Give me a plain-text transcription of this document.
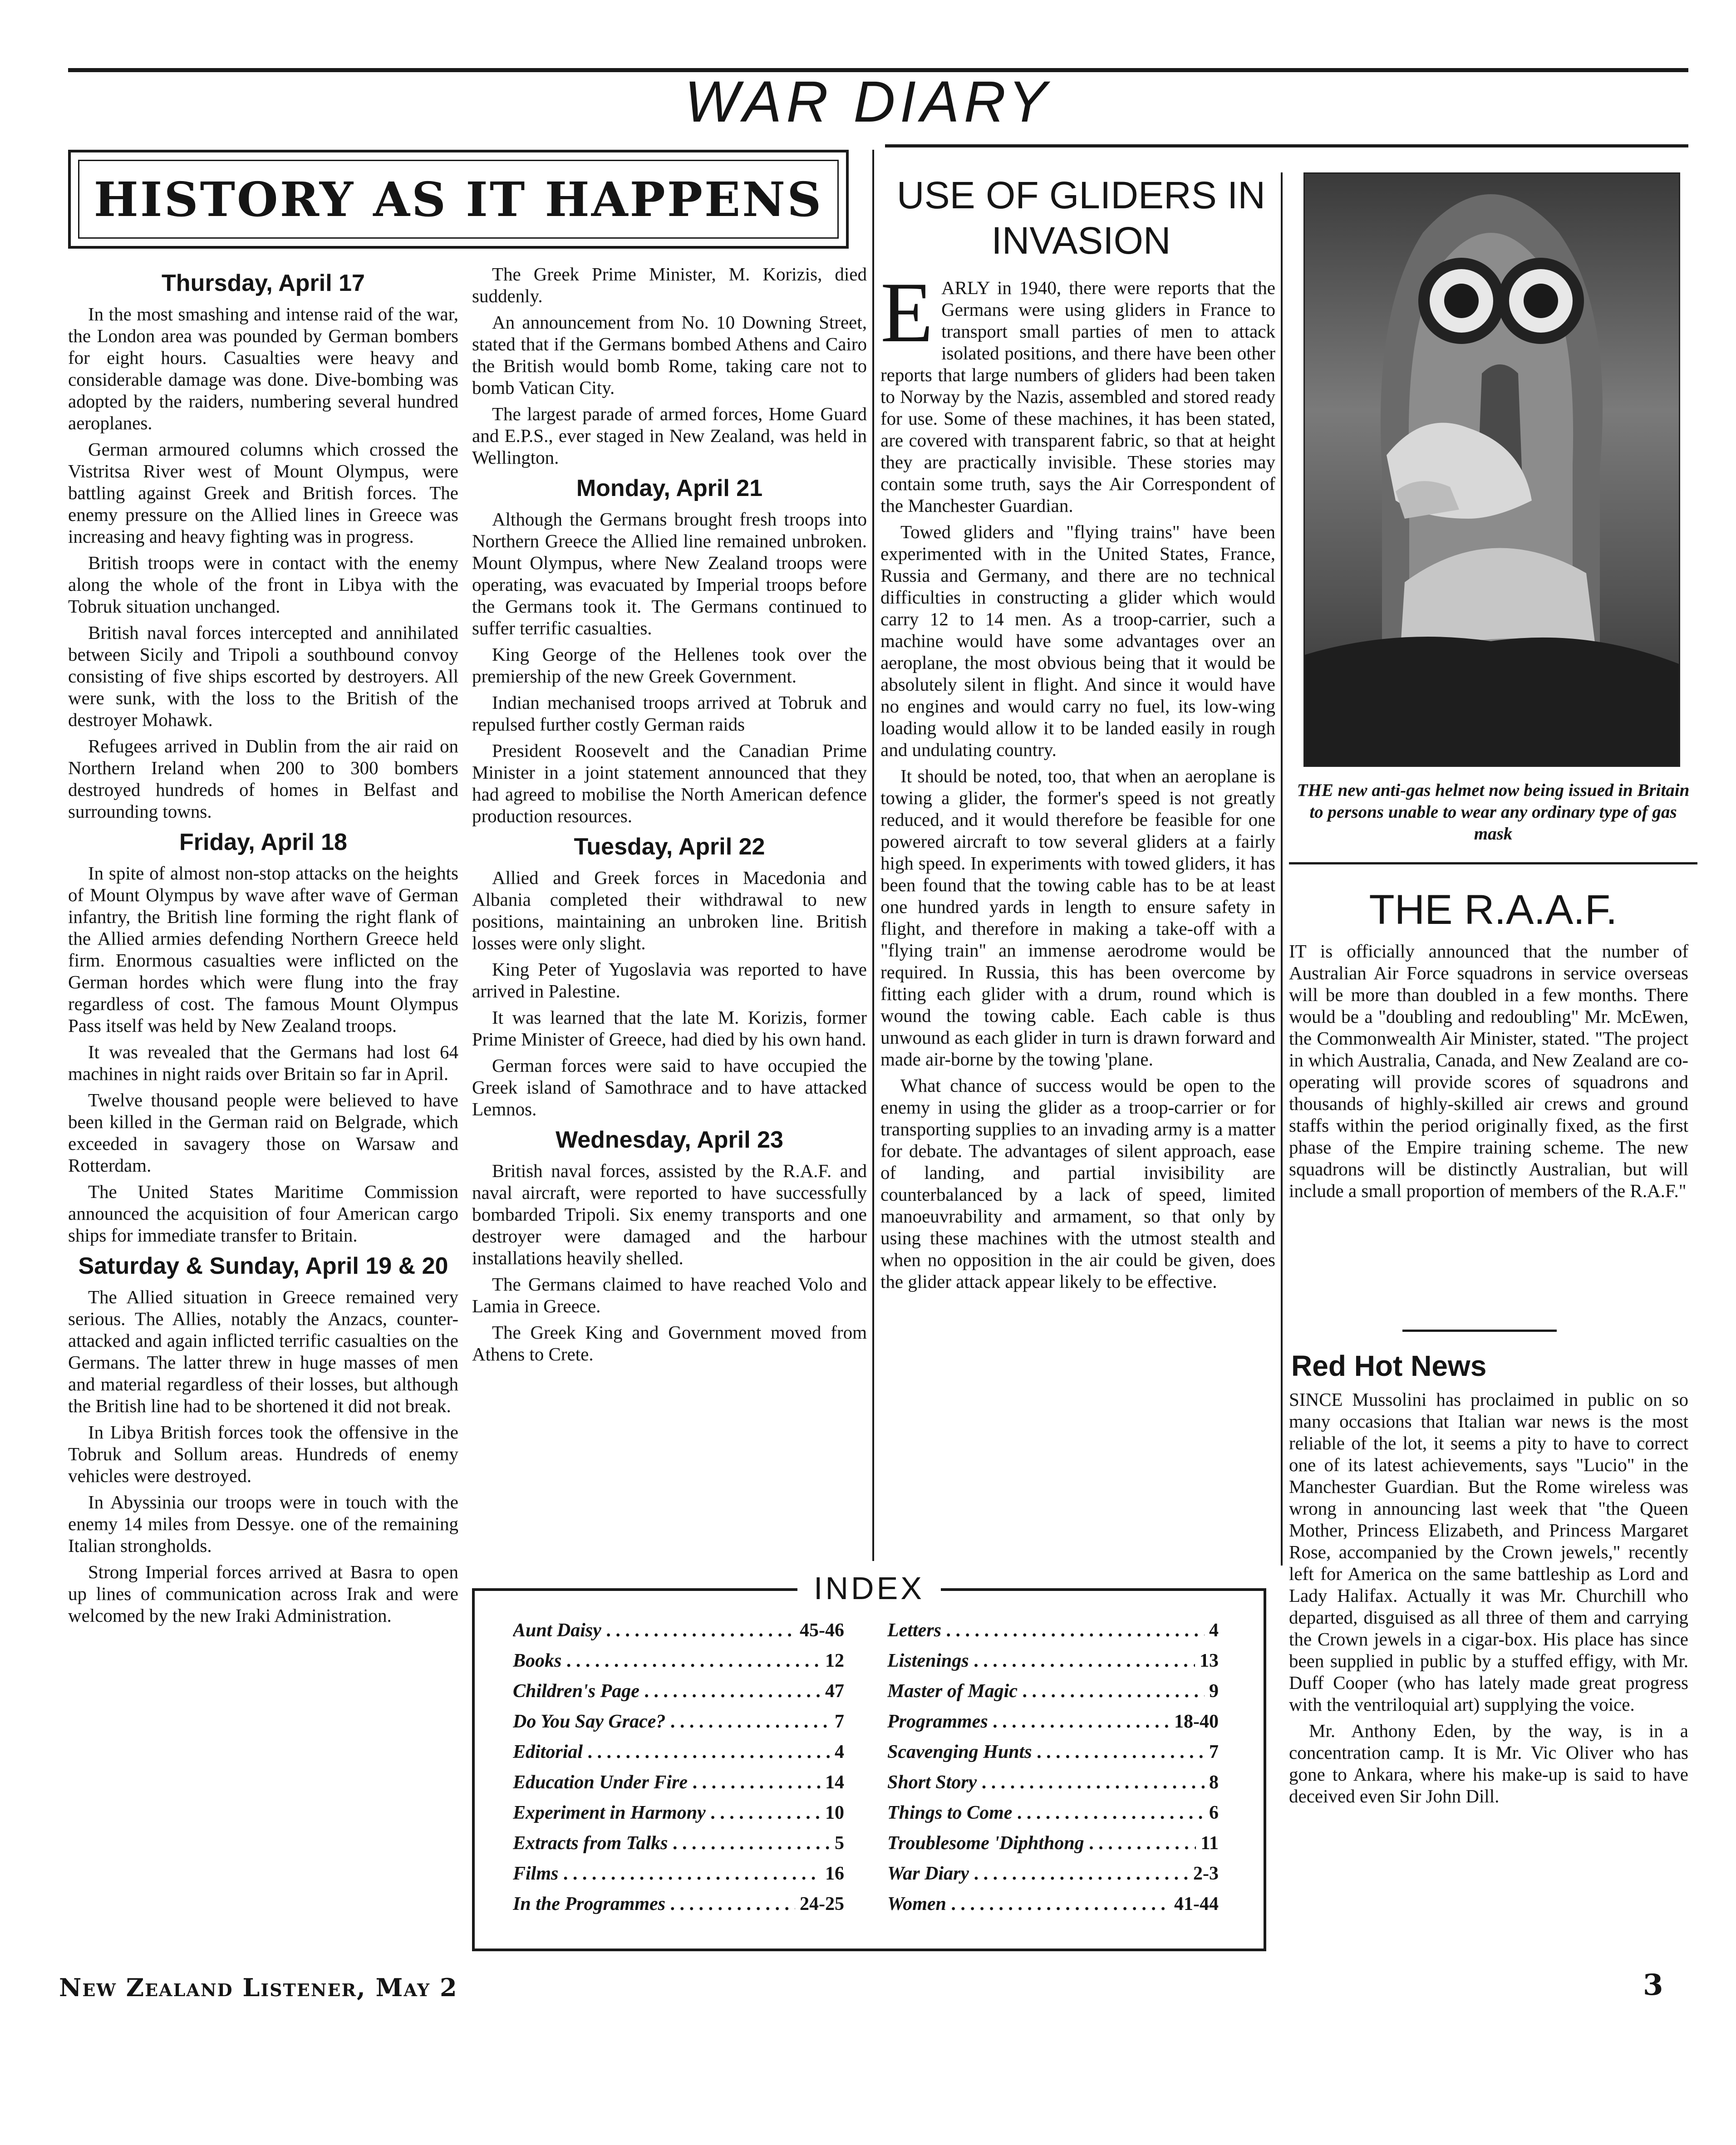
WAR DIARY
HISTORY AS IT HAPPENS
Thursday, April 17

In the most smashing and intense raid of the war, the London area was pounded by German bombers for eight hours. Casualties were heavy and considerable damage was done. Dive-bombing was adopted by the raiders, numbering several hundred aeroplanes.

German armoured columns which crossed the Vistritsa River west of Mount Olympus, were battling against Greek and British forces. The enemy pressure on the Allied lines in Greece was increasing and heavy fighting was in progress.

British troops were in contact with the enemy along the whole of the front in Libya with the Tobruk situation unchanged.

British naval forces intercepted and annihilated between Sicily and Tripoli a southbound convoy consisting of five ships escorted by destroyers. All were sunk, with the loss to the British of the destroyer Mohawk.

Refugees arrived in Dublin from the air raid on Northern Ireland when 200 to 300 bombers destroyed hundreds of homes in Belfast and surrounding towns.

Friday, April 18

In spite of almost non-stop attacks on the heights of Mount Olympus by wave after wave of German infantry, the British line forming the right flank of the Allied armies defending Northern Greece held firm. Enormous casualties were inflicted on the German hordes which were flung into the fray regardless of cost. The famous Mount Olympus Pass itself was held by New Zealand troops.

It was revealed that the Germans had lost 64 machines in night raids over Britain so far in April.

Twelve thousand people were believed to have been killed in the German raid on Belgrade, which exceeded in savagery those on Warsaw and Rotterdam.

The United States Maritime Commission announced the acquisition of four American cargo ships for immediate transfer to Britain.

Saturday & Sunday, April 19 & 20

The Allied situation in Greece remained very serious. The Allies, notably the Anzacs, counter-attacked and again inflicted terrific casualties on the Germans. The latter threw in huge masses of men and material regardless of their losses, but although the British line had to be shortened it did not break.

In Libya British forces took the offensive in the Tobruk and Sollum areas. Hundreds of enemy vehicles were destroyed.

In Abyssinia our troops were in touch with the enemy 14 miles from Dessye. one of the remaining Italian strongholds.

Strong Imperial forces arrived at Basra to open up lines of communication across Irak and were welcomed by the new Iraki Administration.

The Greek Prime Minister, M. Korizis, died suddenly.

An announcement from No. 10 Downing Street, stated that if the Germans bombed Athens and Cairo the British would bomb Rome, taking care not to bomb Vatican City.

The largest parade of armed forces, Home Guard and E.P.S., ever staged in New Zealand, was held in Wellington.

Monday, April 21

Although the Germans brought fresh troops into Northern Greece the Allied line remained unbroken. Mount Olympus, where New Zealand troops were operating, was evacuated by Imperial troops before the Germans took it. The Germans continued to suffer terrific casualties.

King George of the Hellenes took over the premiership of the new Greek Government.

Indian mechanised troops arrived at Tobruk and repulsed further costly German raids

President Roosevelt and the Canadian Prime Minister in a joint statement announced that they had agreed to mobilise the North American defence production resources.

Tuesday, April 22

Allied and Greek forces in Macedonia and Albania completed their withdrawal to new positions, maintaining an unbroken line. British losses were only slight.

King Peter of Yugoslavia was reported to have arrived in Palestine.

It was learned that the late M. Korizis, former Prime Minister of Greece, had died by his own hand.

German forces were said to have occupied the Greek island of Samothrace and to have attacked Lemnos.

Wednesday, April 23

British naval forces, assisted by the R.A.F. and naval aircraft, were reported to have successfully bombarded Tripoli. Six enemy transports and one destroyer were damaged and the harbour installations heavily shelled.

The Germans claimed to have reached Volo and Lamia in Greece.

The Greek King and Government moved from Athens to Crete.

USE OF GLIDERS IN INVASION

EARLY in 1940, there were reports that the Germans were using gliders in France to transport small parties of men to attack isolated positions, and there have been other reports that large numbers of gliders had been taken to Norway by the Nazis, assembled and stored ready for use. Some of these machines, it has been stated, are covered with transparent fabric, so that at height they are practically invisible. These stories may contain some truth, says the Air Correspondent of the Manchester Guardian.

Towed gliders and "flying trains" have been experimented with in the United States, France, Russia and Germany, and there are no technical difficulties in constructing a glider which would carry 12 to 14 men. As a troop-carrier, such a machine would have some advantages over an aeroplane, the most obvious being that it would be absolutely silent in flight. And since it would have no engines and would carry no fuel, its low-wing loading would allow it to be landed easily in rough and undulating country.

It should be noted, too, that when an aeroplane is towing a glider, the former's speed is not greatly reduced, and it would therefore be feasible for one powered aircraft to tow several gliders at a fairly high speed. In experiments with towed gliders, it has been found that the towing cable has to be at least one hundred yards in length to ensure safety in flight, and therefore in making a take-off with a "flying train" an immense aerodrome would be required. In Russia, this has been overcome by fitting each glider with a drum, round which is wound the towing cable. Each cable is thus unwound as each glider in turn is drawn forward and made air-borne by the towing 'plane.

What chance of success would be open to the enemy in using the glider as a troop-carrier or for transporting supplies to an invading army is a matter for debate. The advantages of silent approach, ease of landing, and partial invisibility are counterbalanced by a lack of speed, limited manoeuvrability and armament, so that only by using these machines with the utmost stealth and when no opposition in the air could be given, does the glider attack appear likely to be effective.

THE new anti-gas helmet now being issued in Britain to persons unable to wear any ordinary type of gas mask
THE R.A.A.F.

IT is officially announced that the number of Australian Air Force squadrons in service overseas will be more than doubled in a few months. There would be a "doubling and redoubling" Mr. McEwen, the Commonwealth Air Minister, stated. "The project in which Australia, Canada, and New Zealand are co-operating will provide scores of squadrons and thousands of highly-skilled air crews and ground staffs within the period originally fixed, as the first phase of the Empire training scheme. The new squadrons will be distinctly Australian, but will include a small proportion of members of the R.A.F."

Red Hot News

SINCE Mussolini has proclaimed in public on so many occasions that Italian war news is the most reliable of the lot, it seems a pity to have to correct one of its latest achievements, says "Lucio" in the Manchester Guardian. But the Rome wireless was wrong in announcing last week that "the Queen Mother, Princess Elizabeth, and Princess Margaret Rose, accompanied by the Crown jewels," recently left for America on the same battleship as Lord and Lady Halifax. Actually it was Mr. Churchill who departed, disguised as all three of them and carrying the Crown jewels in a cigar-box. His place has since been supplied in public by a stuffed effigy, with Mr. Duff Cooper (who has lately made great progress with the ventriloquial art) supplying the voice.

Mr. Anthony Eden, by the way, is in a concentration camp. It is Mr. Vic Oliver who has gone to Ankara, where his make-up is said to have deceived even Sir John Dill.

INDEX
Aunt Daisy . . .	45-46
Books . . .	12
Children's Page . . .	47
Do You Say Grace? . . .	7
Editorial . . .	4
Education Under Fire . . .	14
Experiment in Harmony . . .	10
Extracts from Talks . . .	5
Films . . .	16
In the Programmes . . .	24-25
Letters . . .	4
Listenings . . .	13
Master of Magic . . .	9
Programmes . . .	18-40
Scavenging Hunts . . .	7
Short Story . . .	8
Things to Come . . .	6
Troublesome 'Diphthong . . .	11
War Diary . . .	2-3
Women . . .	41-44
New Zealand Listener, May 2	3
